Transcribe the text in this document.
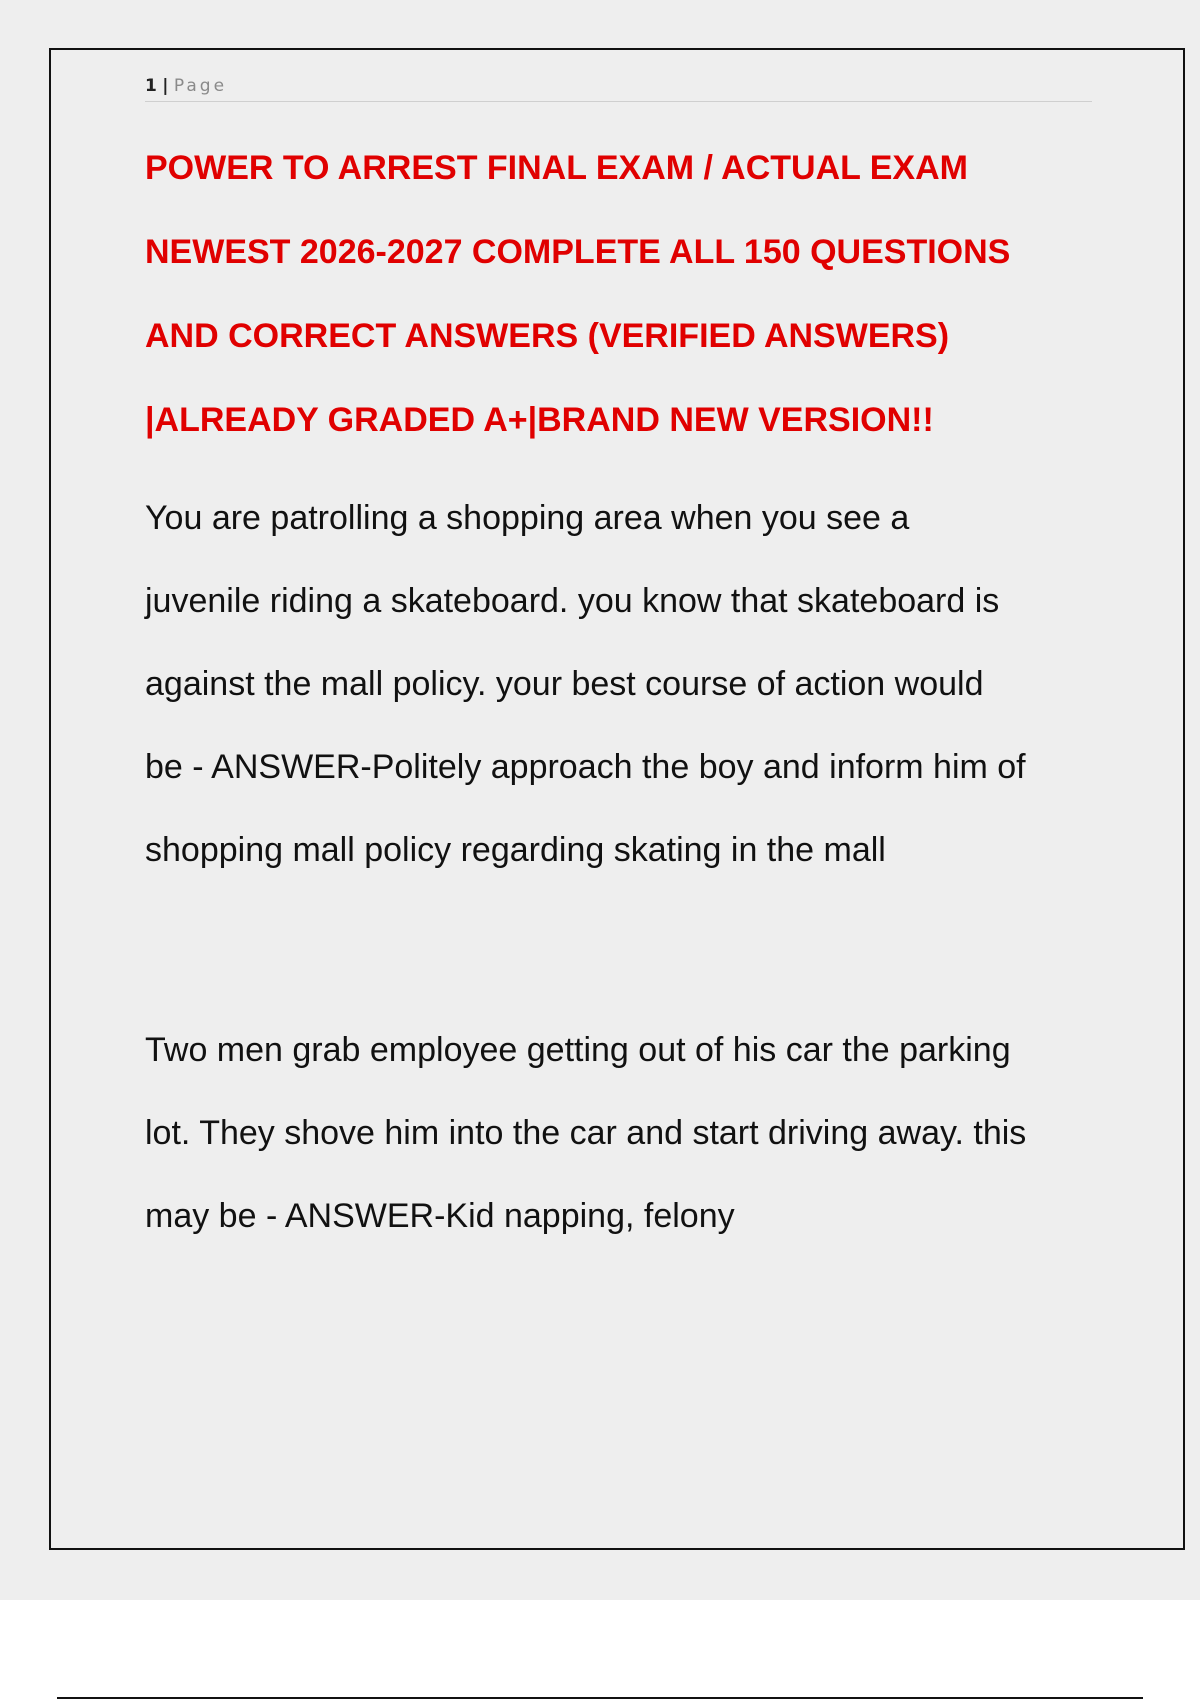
1 | Page
POWER TO ARREST FINAL EXAM / ACTUAL EXAM
NEWEST 2026-2027 COMPLETE ALL 150 QUESTIONS
AND CORRECT ANSWERS (VERIFIED ANSWERS)
|ALREADY GRADED A+|BRAND NEW VERSION!!

You are patrolling a shopping area when you see a
juvenile riding a skateboard. you know that skateboard is
against the mall policy. your best course of action would
be - ANSWER-Politely approach the boy and inform him of
shopping mall policy regarding skating in the mall

Two men grab employee getting out of his car the parking
lot. They shove him into the car and start driving away. this
may be - ANSWER-Kid napping, felony
